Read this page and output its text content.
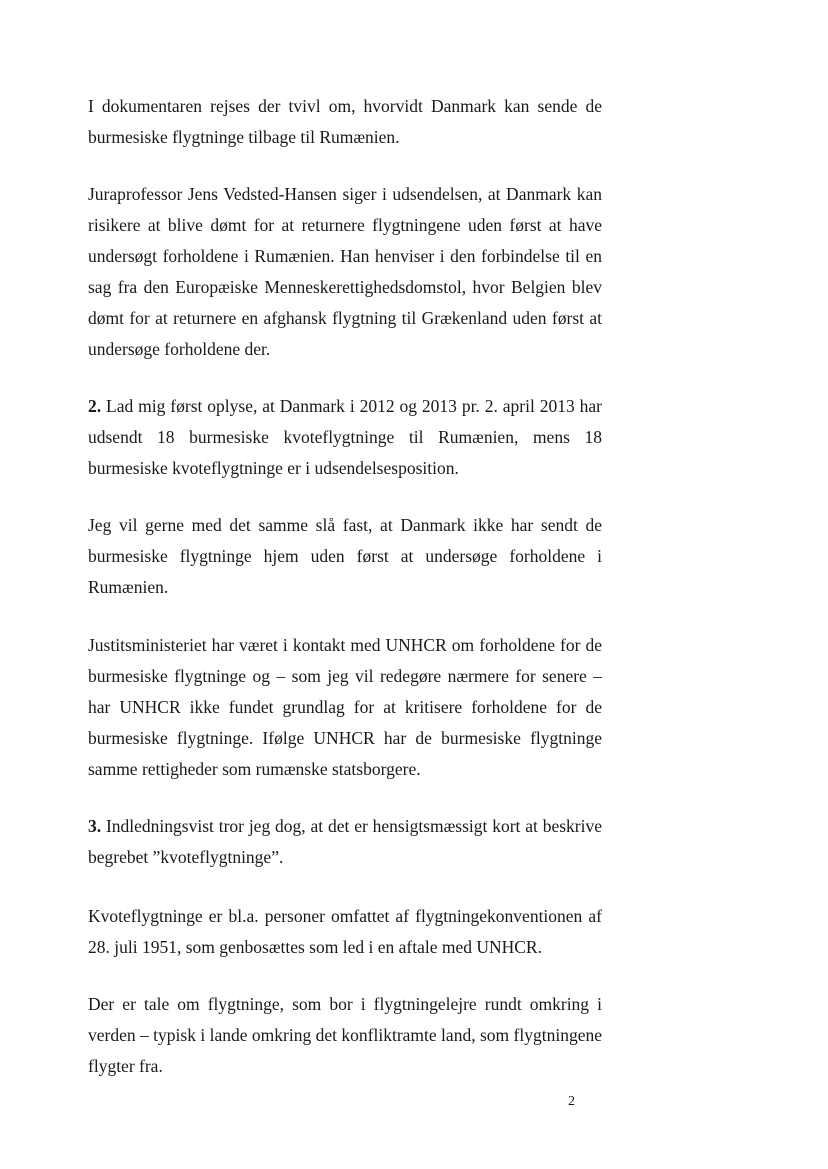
I dokumentaren rejses der tvivl om, hvorvidt Danmark kan sende de burmesiske flygtninge tilbage til Rumænien.

Juraprofessor Jens Vedsted-Hansen siger i udsendelsen, at Danmark kan risikere at blive dømt for at returnere flygtningene uden først at have undersøgt forholdene i Rumænien. Han henviser i den forbindelse til en sag fra den Europæiske Menneskerettighedsdomstol, hvor Belgien blev dømt for at returnere en afghansk flygtning til Grækenland uden først at undersøge forholdene der.

2. Lad mig først oplyse, at Danmark i 2012 og 2013 pr. 2. april 2013 har udsendt 18 burmesiske kvoteflygtninge til Rumænien, mens 18 burmesiske kvoteflygtninge er i udsendelsesposition.

Jeg vil gerne med det samme slå fast, at Danmark ikke har sendt de burmesiske flygtninge hjem uden først at undersøge forholdene i Rumænien.

Justitsministeriet har været i kontakt med UNHCR om forholdene for de burmesiske flygtninge og – som jeg vil redegøre nærmere for senere – har UNHCR ikke fundet grundlag for at kritisere forholdene for de burmesiske flygtninge. Ifølge UNHCR har de burmesiske flygtninge samme rettigheder som rumænske statsborgere.

3. Indledningsvist tror jeg dog, at det er hensigtsmæssigt kort at beskrive begrebet ”kvoteflygtninge”.

Kvoteflygtninge er bl.a. personer omfattet af flygtningekonventionen af 28. juli 1951, som genbosættes som led i en aftale med UNHCR.

Der er tale om flygtninge, som bor i flygtningelejre rundt omkring i verden – typisk i lande omkring det konfliktramte land, som flygtningene flygter fra.

2
